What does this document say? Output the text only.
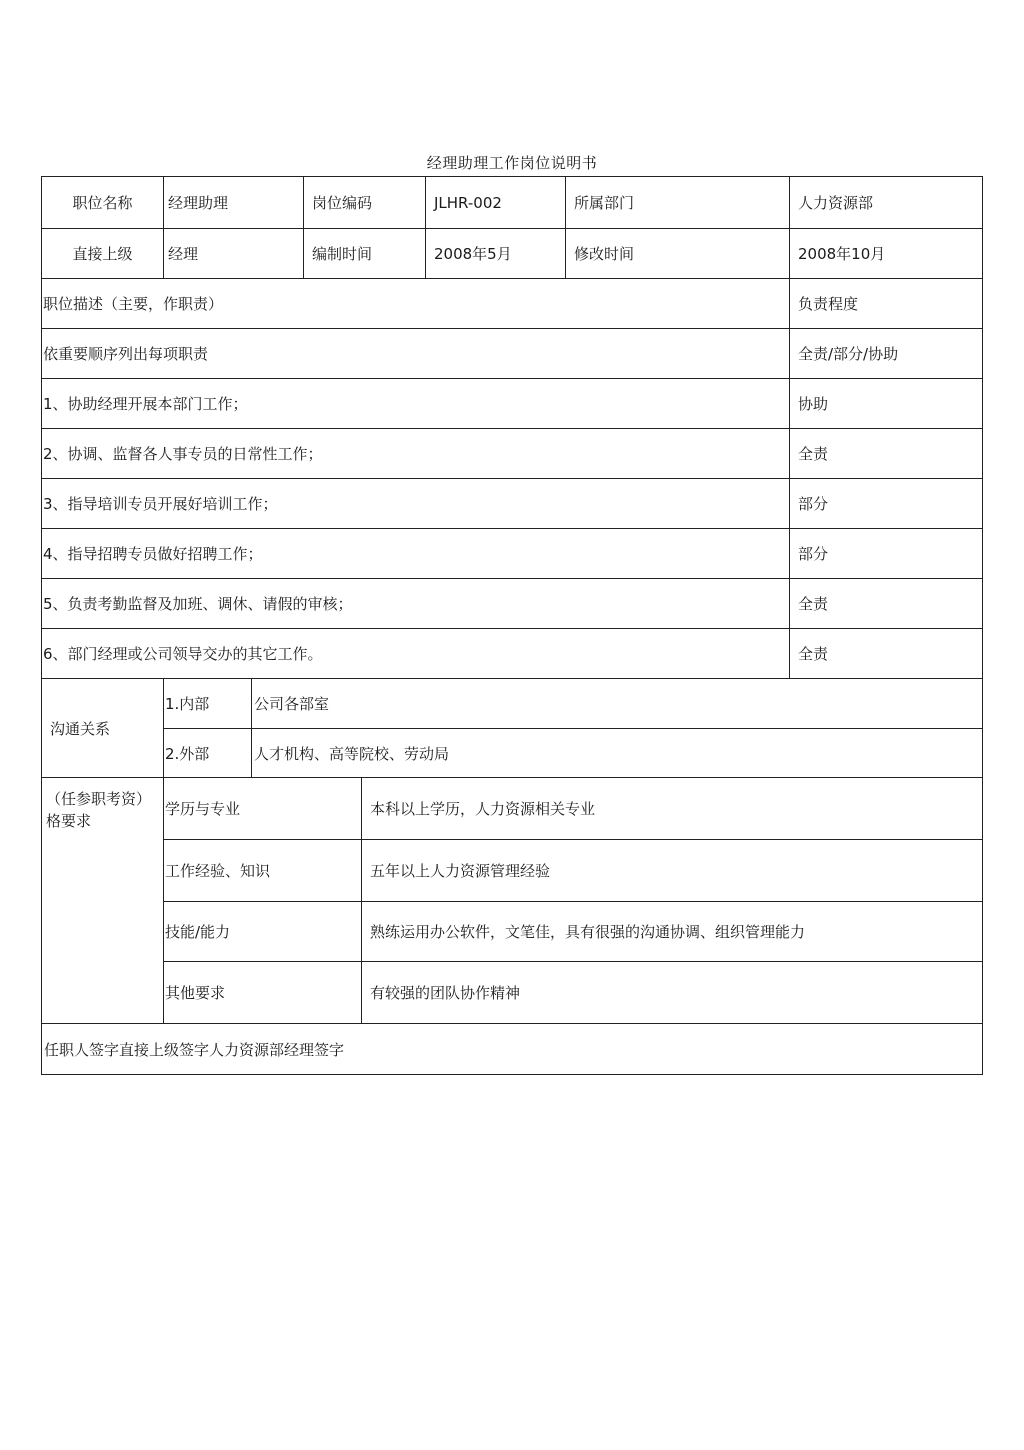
经理助理工作岗位说明书
职位名称	经理助理	岗位编码	JLHR-002	所属部门	人力资源部
直接上级	经理	编制时间	2008年5月	修改时间	2008年10月
职位描述（主要，作职责）	负责程度
依重要顺序列出每项职责	全责/部分/协助
1、协助经理开展本部门工作；	协助
2、协调、监督各人事专员的日常性工作；	全责
3、指导培训专员开展好培训工作；	部分
4、指导招聘专员做好招聘工作；	部分
5、负责考勤监督及加班、调休、请假的审核；	全责
6、部门经理或公司领导交办的其它工作。	全责
沟通关系
1.内部	公司各部室
2.外部	人才机构、高等院校、劳动局
（任参职考资）格要求
学历与专业	本科以上学历，人力资源相关专业
工作经验、知识	五年以上人力资源管理经验
技能/能力	熟练运用办公软件，文笔佳，具有很强的沟通协调、组织管理能力
其他要求	有较强的团队协作精神
任职人签字直接上级签字人力资源部经理签字
